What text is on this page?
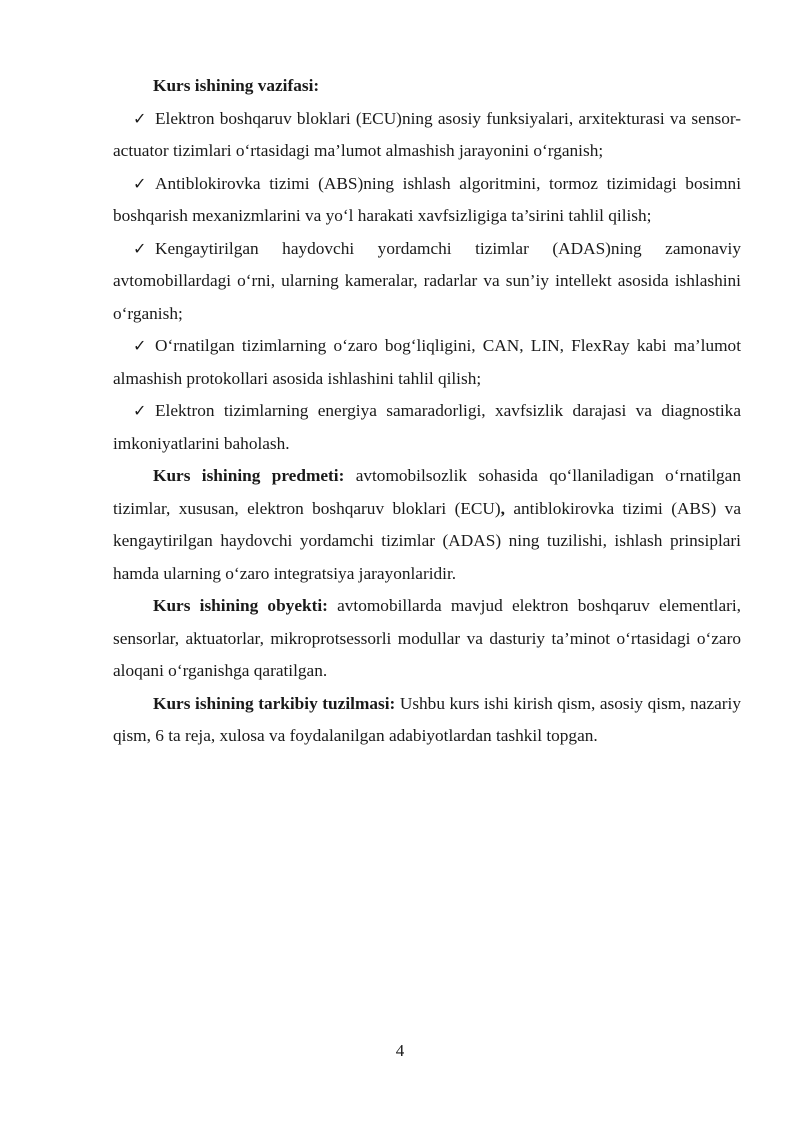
Kurs ishining vazifasi:

✓ Elektron boshqaruv bloklari (ECU)ning asosiy funksiyalari, arxitekturasi va sensor-actuator tizimlari o‘rtasidagi ma’lumot almashish jarayonini o‘rganish;

✓ Antiblokirovka tizimi (ABS)ning ishlash algoritmini, tormoz tizimidagi bosimni boshqarish mexanizmlarini va yo‘l harakati xavfsizligiga ta’sirini tahlil qilish;

✓ Kengaytirilgan haydovchi yordamchi tizimlar (ADAS)ning zamonaviy avtomobillardagi o‘rni, ularning kameralar, radarlar va sun’iy intellekt asosida ishlashini o‘rganish;

✓ O‘rnatilgan tizimlarning o‘zaro bog‘liqligini, CAN, LIN, FlexRay kabi ma’lumot almashish protokollari asosida ishlashini tahlil qilish;

✓ Elektron tizimlarning energiya samaradorligi, xavfsizlik darajasi va diagnostika imkoniyatlarini baholash.

Kurs ishining predmeti: avtomobilsozlik sohasida qo‘llaniladigan o‘rnatilgan tizimlar, xususan, elektron boshqaruv bloklari (ECU), antiblokirovka tizimi (ABS) va kengaytirilgan haydovchi yordamchi tizimlar (ADAS) ning tuzilishi, ishlash prinsiplari hamda ularning o‘zaro integratsiya jarayonlaridir.

Kurs ishining obyekti: avtomobillarda mavjud elektron boshqaruv elementlari, sensorlar, aktuatorlar, mikroprotsessorli modullar va dasturiy ta’minot o‘rtasidagi o‘zaro aloqani o‘rganishga qaratilgan.

Kurs ishining tarkibiy tuzilmasi: Ushbu kurs ishi kirish qism, asosiy qism, nazariy qism, 6 ta reja, xulosa va foydalanilgan adabiyotlardan tashkil topgan.

4
